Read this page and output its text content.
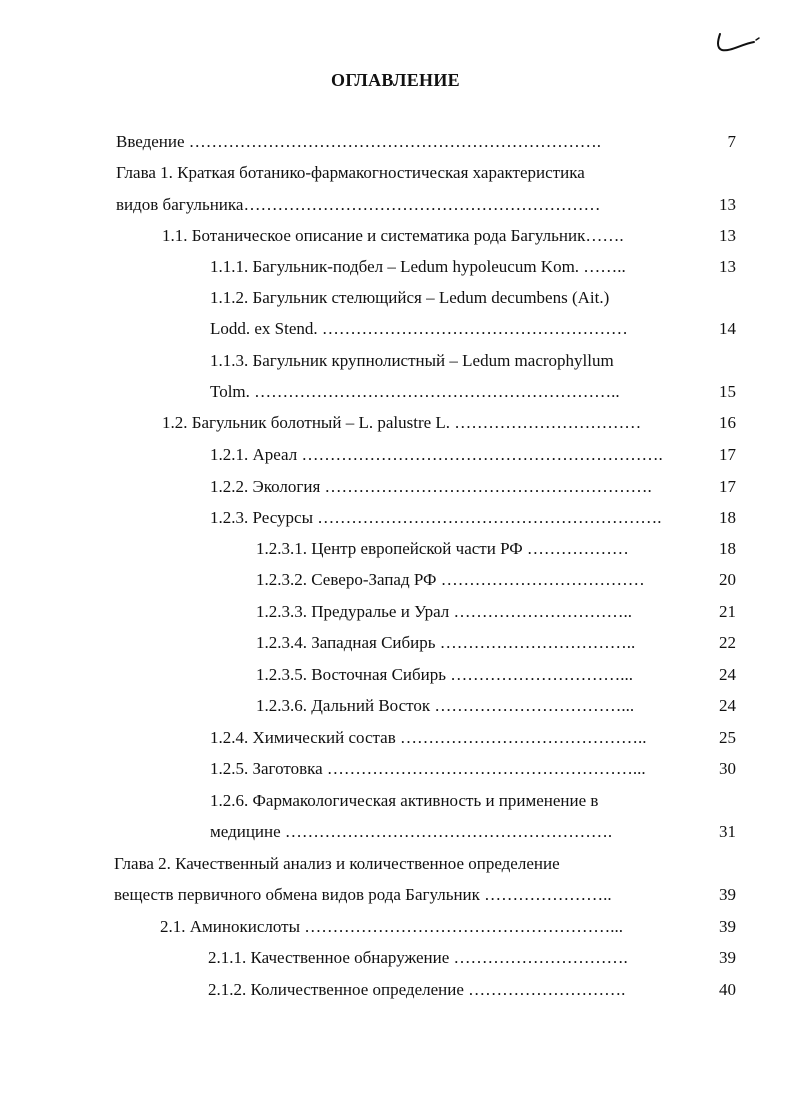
ОГЛАВЛЕНИЕ
Введение ……………………………………………………………….	7
Глава 1. Краткая ботанико-фармакогностическая характеристика
видов багульника………………………………………………………	13
1.1. Ботаническое описание и систематика рода Багульник…….	13
1.1.1. Багульник-подбел – Ledum hypoleucum Kom. ……..	13
1.1.2. Багульник стелющийся – Ledum decumbens (Ait.)
Lodd. ex Stend. ………………………………………………	14
1.1.3. Багульник крупнолистный – Ledum macrophyllum
Tolm. ………………………………………………………..	15
1.2. Багульник болотный – L. palustre L. ……………………………	16
1.2.1. Ареал ……………………………………………………….	17
1.2.2. Экология ………………………………………………….	17
1.2.3. Ресурсы …………………………………………………….	18
1.2.3.1. Центр европейской части РФ ………………	18
1.2.3.2. Северо-Запад РФ ………………………………	20
1.2.3.3. Предуралье и Урал …………………………..	21
1.2.3.4. Западная Сибирь ……………………………..	22
1.2.3.5. Восточная Сибирь …………………………...	24
1.2.3.6. Дальний Восток ……………………………...	24
1.2.4. Химический состав ……………………………………..	25
1.2.5. Заготовка ………………………………………………...	30
1.2.6. Фармакологическая активность и применение в
медицине ………………………………………………….	31
Глава 2. Качественный анализ и количественное определение
веществ первичного обмена видов рода Багульник …………………..	39
2.1. Аминокислоты ………………………………………………...	39
2.1.1. Качественное обнаружение ………………………….	39
2.1.2. Количественное определение ……………………….	40
